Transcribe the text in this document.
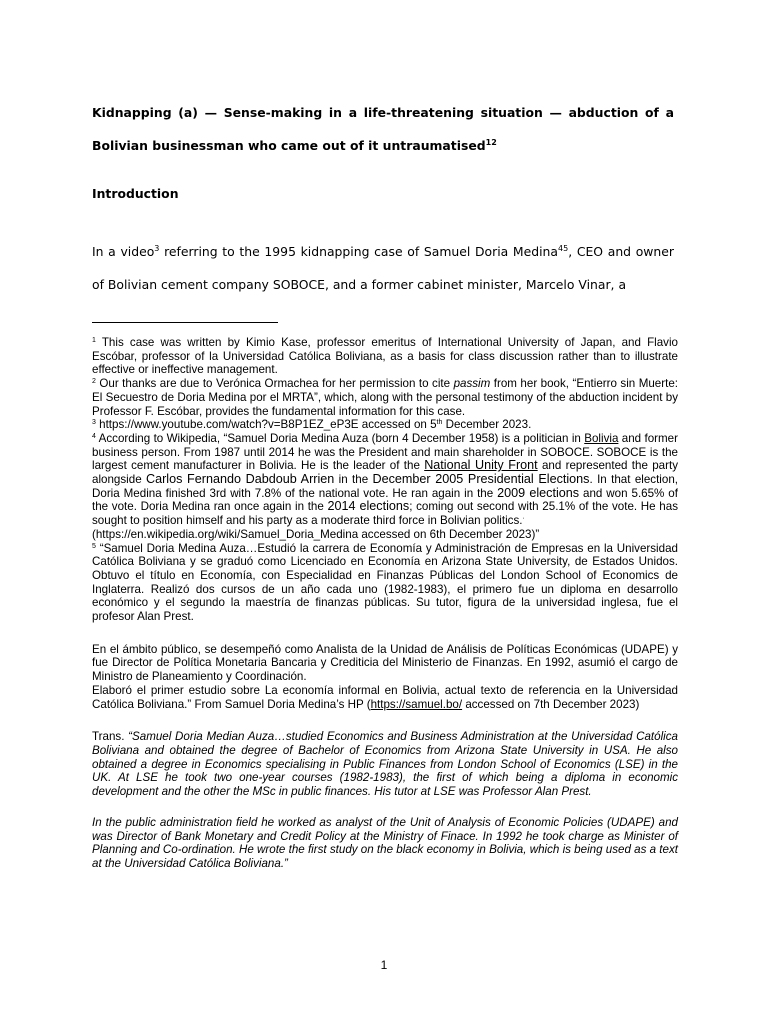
Kidnapping (a) — Sense-making in a life-threatening situation — abduction of a Bolivian businessman who came out of it untraumatised$^{12}$

Introduction

In a video$^3$ referring to the 1995 kidnapping case of Samuel Doria Medina$^{45}$, CEO and owner of Bolivian cement company SOBOCE, and a former cabinet minister, Marcelo Vinar, a

$^1$ This case was written by Kimio Kase, professor emeritus of International University of Japan, and Flavio Escóbar, professor of la Universidad Católica Boliviana, as a basis for class discussion rather than to illustrate effective or ineffective management.

$^2$ Our thanks are due to Verónica Ormachea for her permission to cite passim from her book, “Entierro sin Muerte: El Secuestro de Doria Medina por el MRTA”, which, along with the personal testimony of the abduction incident by Professor F. Escóbar, provides the fundamental information for this case.

$^3$ https://www.youtube.com/watch?v=B8P1EZ_eP3E accessed on 5th December 2023.

$^4$ According to Wikipedia, “Samuel Doria Medina Auza (born 4 December 1958) is a politician in Bolivia and former business person. From 1987 until 2014 he was the President and main shareholder in SOBOCE. SOBOCE is the largest cement manufacturer in Bolivia. He is the leader of the National Unity Front and represented the party alongside Carlos Fernando Dabdoub Arrien in the December 2005 Presidential Elections. In that election, Doria Medina finished 3rd with 7.8% of the national vote. He ran again in the 2009 elections and won 5.65% of the vote. Doria Medina ran once again in the 2014 elections; coming out second with 25.1% of the vote. He has sought to position himself and his party as a moderate third force in Bolivian politics.·
(https://en.wikipedia.org/wiki/Samuel_Doria_Medina accessed on 6th December 2023)”

$^5$ “Samuel Doria Medina Auza…Estudió la carrera de Economía y Administración de Empresas en la Universidad Católica Boliviana y se graduó como Licenciado en Economía en Arizona State University, de Estados Unidos. Obtuvo el título en Economía, con Especialidad en Finanzas Públicas del London School of Economics de Inglaterra. Realizó dos cursos de un año cada uno (1982-1983), el primero fue un diploma en desarrollo económico y el segundo la maestría de finanzas públicas. Su tutor, figura de la universidad inglesa, fue el profesor Alan Prest.

En el ámbito público, se desempeñó como Analista de la Unidad de Análisis de Políticas Económicas (UDAPE) y fue Director de Política Monetaria Bancaria y Crediticia del Ministerio de Finanzas. En 1992, asumió el cargo de Ministro de Planeamiento y Coordinación.

Elaboró el primer estudio sobre La economía informal en Bolivia, actual texto de referencia en la Universidad Católica Boliviana.” From Samuel Doria Medina’s HP (https://samuel.bo/ accessed on 7th December 2023)

Trans. “Samuel Doria Median Auza…studied Economics and Business Administration at the Universidad Católica Boliviana and obtained the degree of Bachelor of Economics from Arizona State University in USA. He also obtained a degree in Economics specialising in Public Finances from London School of Economics (LSE) in the UK. At LSE he took two one-year courses (1982-1983), the first of which being a diploma in economic development and the other the MSc in public finances. His tutor at LSE was Professor Alan Prest.

In the public administration field he worked as analyst of the Unit of Analysis of Economic Policies (UDAPE) and was Director of Bank Monetary and Credit Policy at the Ministry of Finace. In 1992 he took charge as Minister of Planning and Co-ordination. He wrote the first study on the black economy in Bolivia, which is being used as a text at the Universidad Católica Boliviana.”

1
